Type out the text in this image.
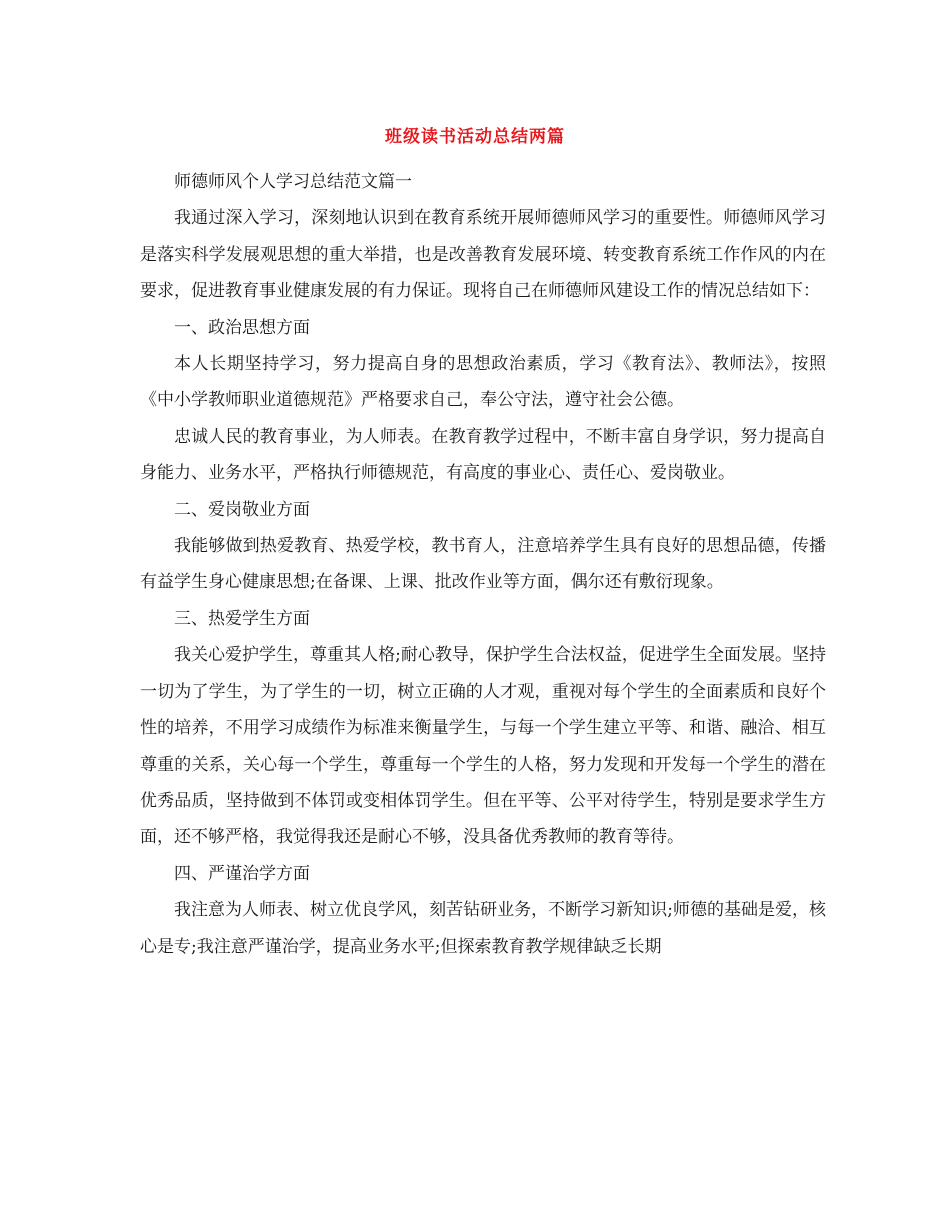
班级读书活动总结两篇

师德师风个人学习总结范文篇一

我通过深入学习，深刻地认识到在教育系统开展师德师风学习的重要性。师德师风学习是落实科学发展观思想的重大举措，也是改善教育发展环境、转变教育系统工作作风的内在要求，促进教育事业健康发展的有力保证。现将自己在师德师风建设工作的情况总结如下：

一、政治思想方面

本人长期坚持学习，努力提高自身的思想政治素质，学习《教育法》、教师法》，按照《中小学教师职业道德规范》严格要求自己，奉公守法，遵守社会公德。

忠诚人民的教育事业，为人师表。在教育教学过程中，不断丰富自身学识，努力提高自身能力、业务水平，严格执行师德规范，有高度的事业心、责任心、爱岗敬业。

二、爱岗敬业方面

我能够做到热爱教育、热爱学校，教书育人，注意培养学生具有良好的思想品德，传播有益学生身心健康思想;在备课、上课、批改作业等方面，偶尔还有敷衍现象。

三、热爱学生方面

我关心爱护学生，尊重其人格;耐心教导，保护学生合法权益，促进学生全面发展。坚持一切为了学生，为了学生的一切，树立正确的人才观，重视对每个学生的全面素质和良好个性的培养，不用学习成绩作为标准来衡量学生，与每一个学生建立平等、和谐、融洽、相互尊重的关系，关心每一个学生，尊重每一个学生的人格，努力发现和开发每一个学生的潜在优秀品质，坚持做到不体罚或变相体罚学生。但在平等、公平对待学生，特别是要求学生方面，还不够严格，我觉得我还是耐心不够，没具备优秀教师的教育等待。

四、严谨治学方面

我注意为人师表、树立优良学风，刻苦钻研业务，不断学习新知识;师德的基础是爱，核心是专;我注意严谨治学，提高业务水平;但探索教育教学规律缺乏长期
